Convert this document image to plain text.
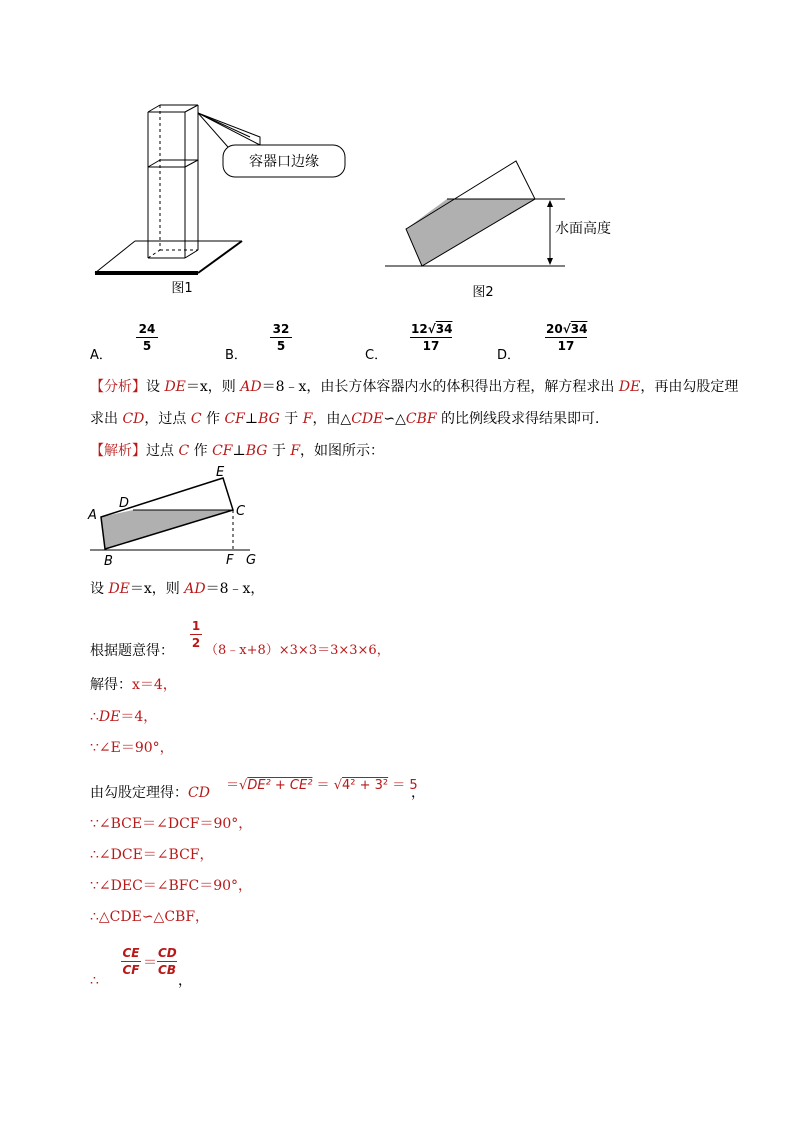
容器口边缘
图1
水面高度
图2
A．
$\frac{24}{5}$
B．
$\frac{32}{5}$
C．
$\frac{12√34}{17}$
D．
$\frac{20√34}{17}$
【分析】设 DE＝x，则 AD＝8﹣x，由长方体容器内水的体积得出方程，解方程求出 DE，再由勾股定理
求出 CD，过点 C 作 CF⊥BG 于 F，由△CDE∽△CBF 的比例线段求得结果即可．
【解析】过点 C 作 CF⊥BG 于 F，如图所示：
E
D
A	C
B	F G
设 DE＝x，则 AD＝8﹣x，
根据题意得： $\frac{1}{2}$ （8﹣x+8）×3×3＝3×3×6，
解得：x＝4，
∴DE＝4，
∵∠E＝90°，
由勾股定理得： CD ＝√DE² + CE² ＝ √4² + 3² ＝ 5
，
∵∠BCE＝∠DCF＝90°，
∴∠DCE＝∠BCF，
∵∠DEC＝∠BFC＝90°，
∴△CDE∽△CBF，
∴
$\frac{CE}{CF} = \frac{CD}{CB}$
，
